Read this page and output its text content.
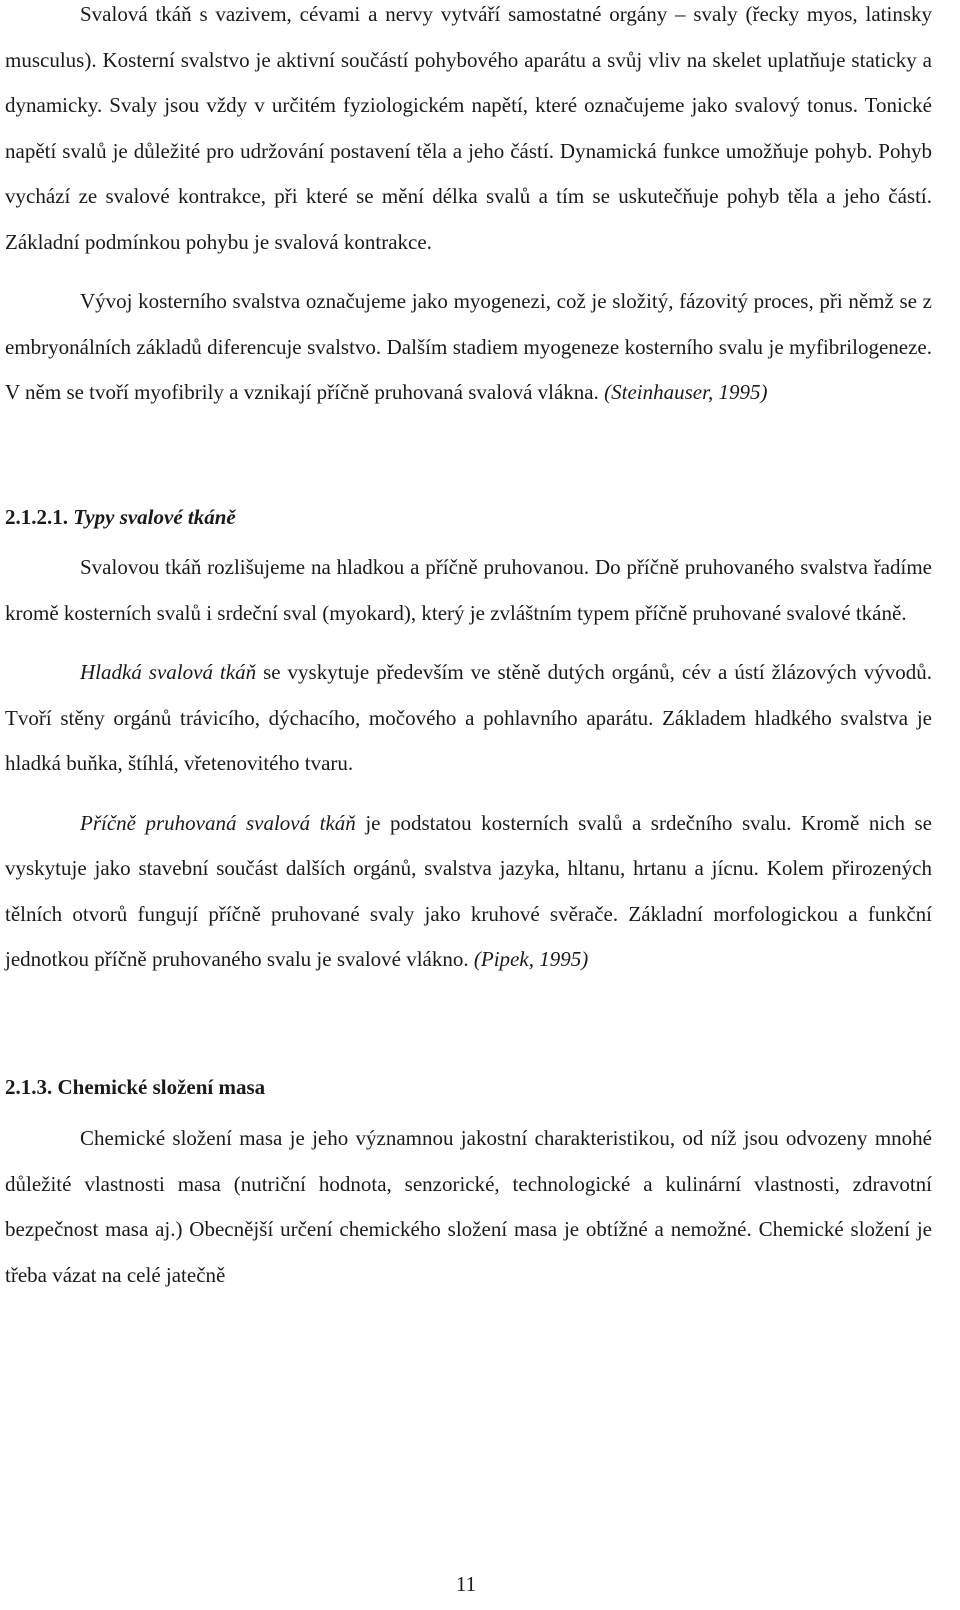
Svalová tkáň s vazivem, cévami a nervy vytváří samostatné orgány – svaly (řecky myos, latinsky musculus). Kosterní svalstvo je aktivní součástí pohybového aparátu a svůj vliv na skelet uplatňuje staticky a dynamicky. Svaly jsou vždy v určitém fyziologickém napětí, které označujeme jako svalový tonus. Tonické napětí svalů je důležité pro udržování postavení těla a jeho částí. Dynamická funkce umožňuje pohyb. Pohyb vychází ze svalové kontrakce, při které se mění délka svalů a tím se uskutečňuje pohyb těla a jeho částí. Základní podmínkou pohybu je svalová kontrakce.

Vývoj kosterního svalstva označujeme jako myogenezi, což je složitý, fázovitý proces, při němž se z embryonálních základů diferencuje svalstvo. Dalším stadiem myogeneze kosterního svalu je myfibrilogeneze. V něm se tvoří myofibrily a vznikají příčně pruhovaná svalová vlákna. (Steinhauser, 1995)

2.1.2.1. Typy svalové tkáně

Svalovou tkáň rozlišujeme na hladkou a příčně pruhovanou. Do příčně pruhovaného svalstva řadíme kromě kosterních svalů i srdeční sval (myokard), který je zvláštním typem příčně pruhované svalové tkáně.

Hladká svalová tkáň se vyskytuje především ve stěně dutých orgánů, cév a ústí žlázových vývodů. Tvoří stěny orgánů trávicího, dýchacího, močového a pohlavního aparátu. Základem hladkého svalstva je hladká buňka, štíhlá, vřetenovitého tvaru.

Příčně pruhovaná svalová tkáň je podstatou kosterních svalů a srdečního svalu. Kromě nich se vyskytuje jako stavební součást dalších orgánů, svalstva jazyka, hltanu, hrtanu a jícnu. Kolem přirozených tělních otvorů fungují příčně pruhované svaly jako kruhové svěrače. Základní morfologickou a funkční jednotkou příčně pruhovaného svalu je svalové vlákno. (Pipek, 1995)

2.1.3. Chemické složení masa

Chemické složení masa je jeho významnou jakostní charakteristikou, od níž jsou odvozeny mnohé důležité vlastnosti masa (nutriční hodnota, senzorické, technologické a kulinární vlastnosti, zdravotní bezpečnost masa aj.) Obecnější určení chemického složení masa je obtížné a nemožné. Chemické složení je třeba vázat na celé jatečně

11
